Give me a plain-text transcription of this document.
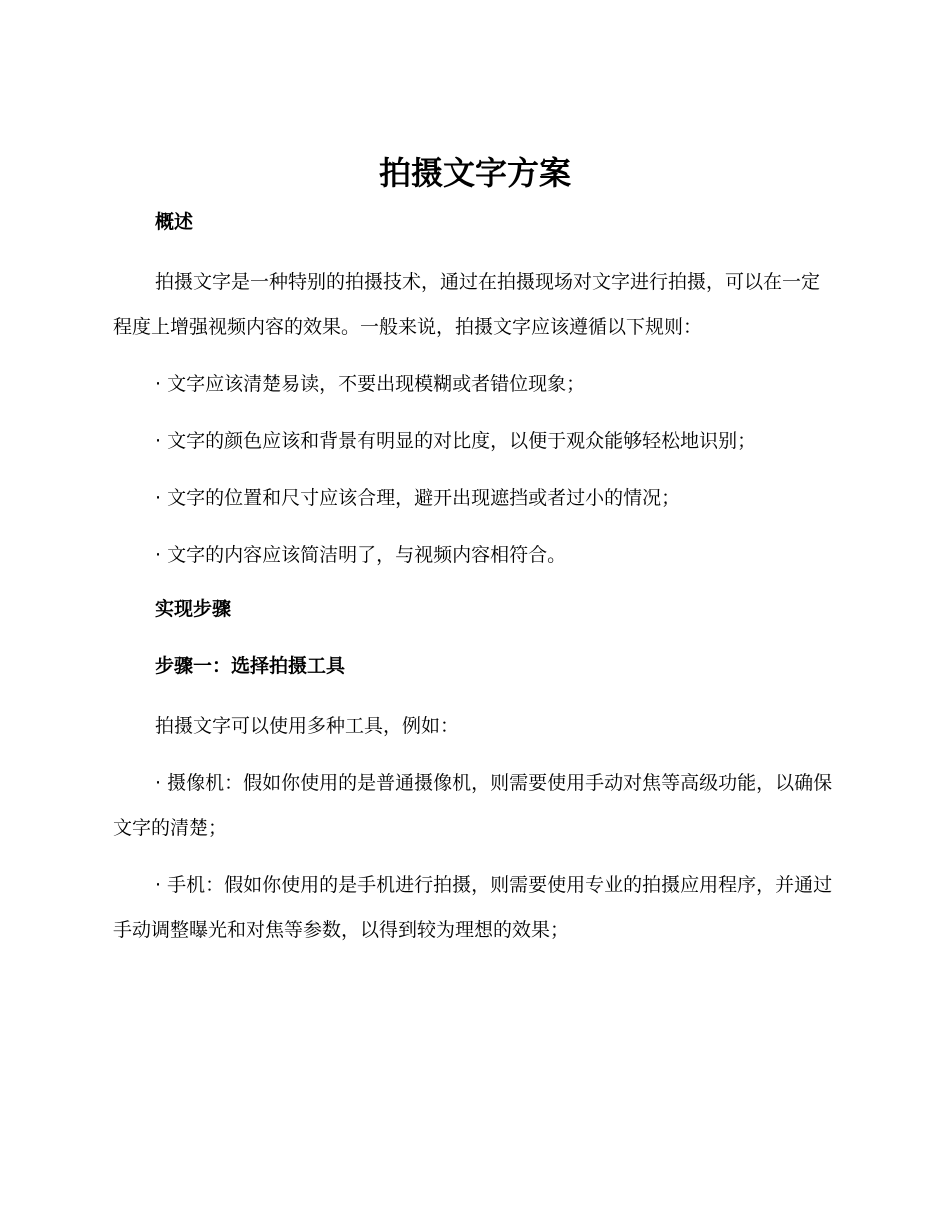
拍摄文字方案
概述
拍摄文字是一种特别的拍摄技术，通过在拍摄现场对文字进行拍摄，可以在一定程度上增强视频内容的效果。一般来说，拍摄文字应该遵循以下规则：
· 文字应该清楚易读，不要出现模糊或者错位现象；
· 文字的颜色应该和背景有明显的对比度，以便于观众能够轻松地识别；
· 文字的位置和尺寸应该合理，避开出现遮挡或者过小的情况；
· 文字的内容应该简洁明了，与视频内容相符合。
实现步骤
步骤一：选择拍摄工具
拍摄文字可以使用多种工具，例如：
· 摄像机：假如你使用的是普通摄像机，则需要使用手动对焦等高级功能，以确保文字的清楚；
· 手机：假如你使用的是手机进行拍摄，则需要使用专业的拍摄应用程序，并通过手动调整曝光和对焦等参数，以得到较为理想的效果；
